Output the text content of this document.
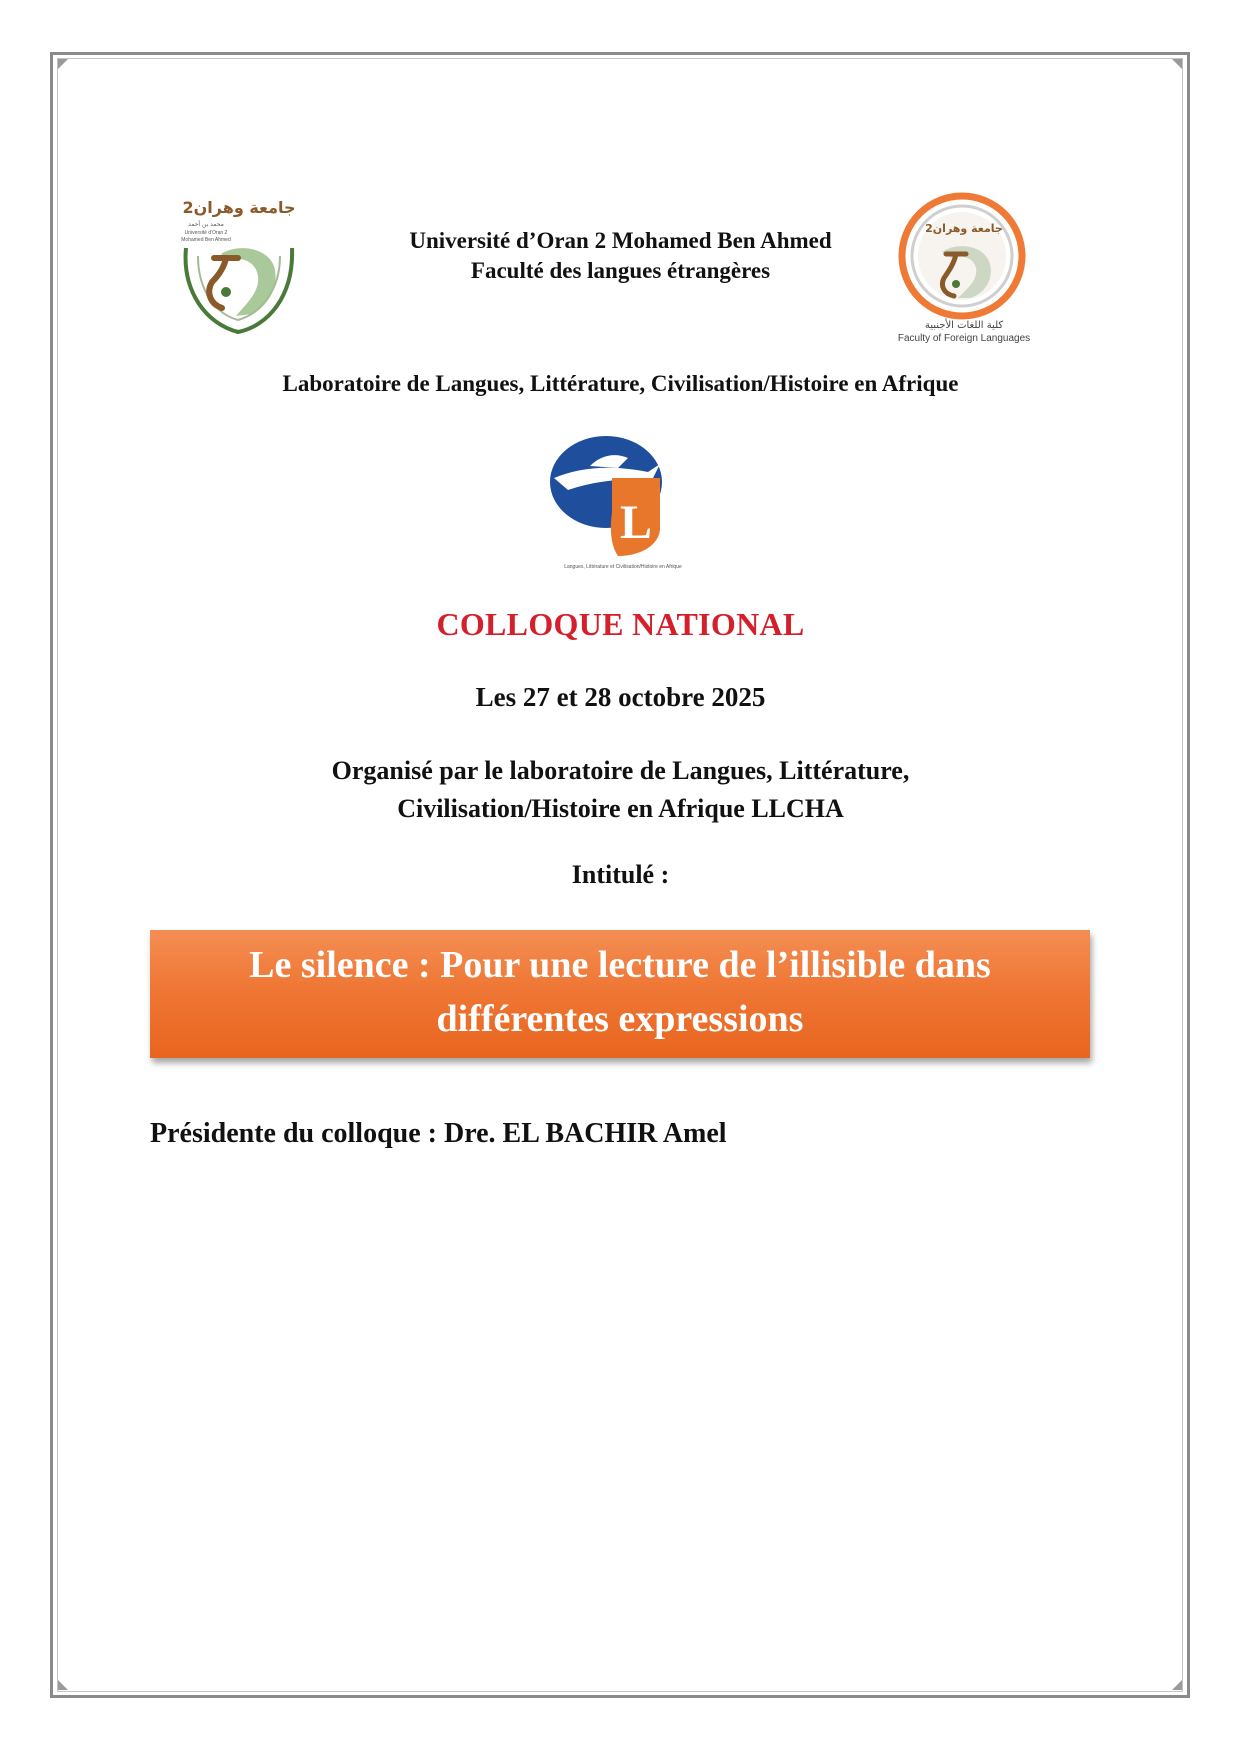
جامعة وهران2
محمد بن أحمد
Université d'Oran 2
Mohamed Ben Ahmed
جامعة وهران2
كلية اللغات الأجنبية
Faculty of Foreign Languages
Université d’Oran 2 Mohamed Ben Ahmed
Faculté des langues étrangères
Laboratoire de Langues, Littérature, Civilisation/Histoire en Afrique
L
Langues, Littérature et Civilisation/Histoire en Afrique
COLLOQUE NATIONAL
Les 27 et 28 octobre 2025
Organisé par le laboratoire de Langues, Littérature,
Civilisation/Histoire en Afrique LLCHA
Intitulé :
Le silence : Pour une lecture de l’illisible dans
différentes expressions
Présidente du colloque : Dre. EL BACHIR Amel
